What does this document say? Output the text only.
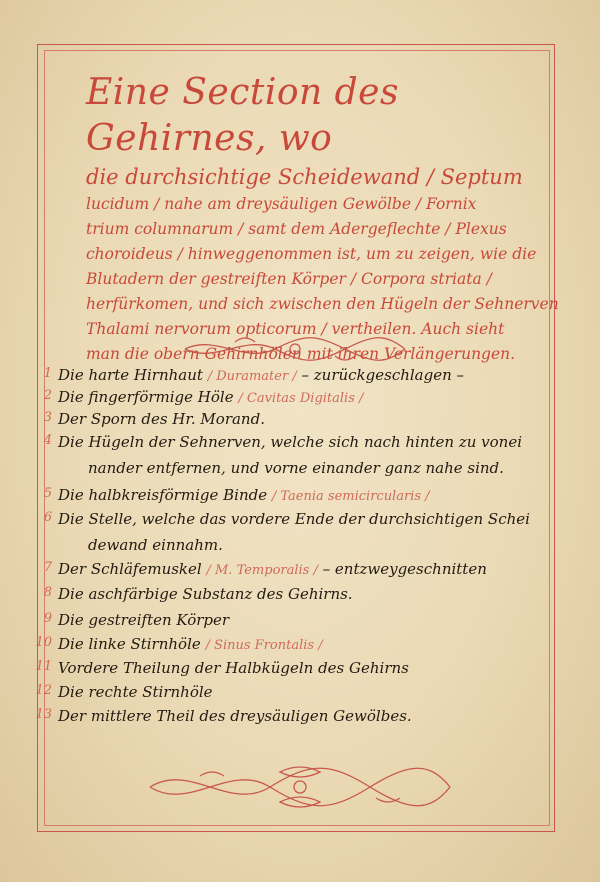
Eine Section des Gehirnes, wo
die durchsichtige Scheidewand / Septum
lucidum / nahe am dreysäuligen Gewölbe / Fornix
trium columnarum / samt dem Adergeflechte / Plexus
choroideus / hinweggenommen ist, um zu zeigen, wie die
Blutadern der gestreiften Körper / Corpora striata /
herfürkomen, und sich zwischen den Hügeln der Sehnerven
Thalami nervorum opticorum / vertheilen. Auch sieht
man die obern Gehirnhölen mit ihren Verlängerungen.
1 Die harte Hirnhaut / Duramater / – zurückgeschlagen –
2 Die fingerförmige Höle / Cavitas Digitalis /
3 Der Sporn des Hr. Morand.
4 Die Hügeln der Sehnerven, welche sich nach hinten zu vonei
nander entfernen, und vorne einander ganz nahe sind.
5 Die halbkreisförmige Binde / Taenia semicircularis /
6 Die Stelle, welche das vordere Ende der durchsichtigen Schei
dewand einnahm.
7 Der Schläfemuskel / M. Temporalis / – entzweygeschnitten
8 Die aschfärbige Substanz des Gehirns.
9 Die gestreiften Körper
10 Die linke Stirnhöle / Sinus Frontalis /
11 Vordere Theilung der Halbkügeln des Gehirns
12 Die rechte Stirnhöle
13 Der mittlere Theil des dreysäuligen Gewölbes.
